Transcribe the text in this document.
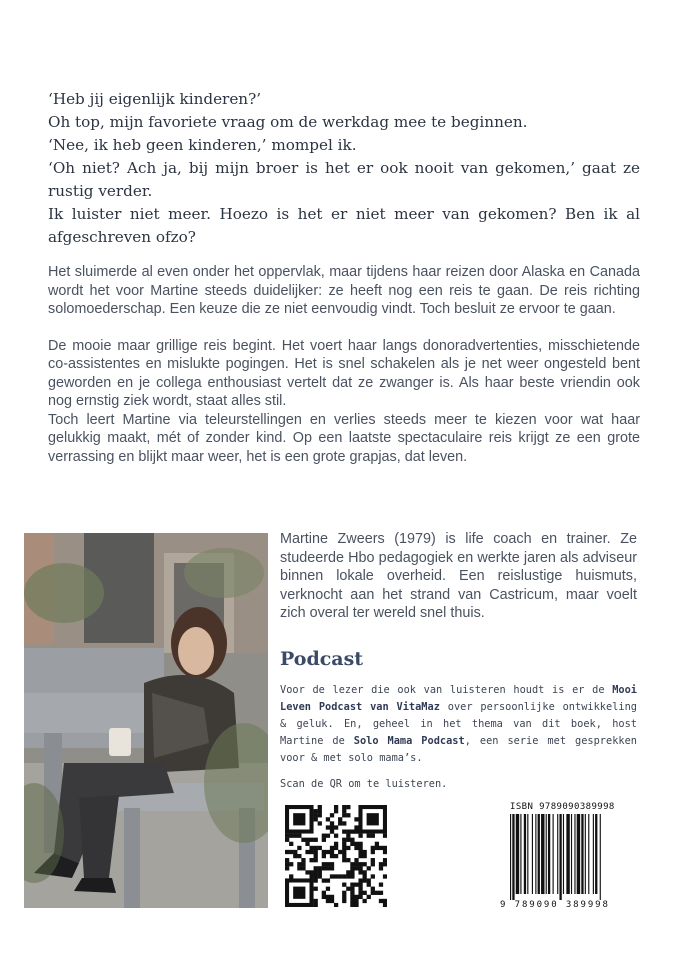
‘Heb jij eigenlijk kinderen?’

Oh top, mijn favoriete vraag om de werkdag mee te beginnen.

‘Nee, ik heb geen kinderen,’ mompel ik.

‘Oh niet? Ach ja, bij mijn broer is het er ook nooit van gekomen,’ gaat ze rustig verder.

Ik luister niet meer. Hoezo is het er niet meer van gekomen? Ben ik al afgeschreven ofzo?

Het sluimerde al even onder het oppervlak, maar tijdens haar reizen door Alaska en Canada wordt het voor Martine steeds duidelijker: ze heeft nog een reis te gaan. De reis richting solomoederschap. Een keuze die ze niet eenvoudig vindt. Toch besluit ze ervoor te gaan.

De mooie maar grillige reis begint. Het voert haar langs donoradvertenties, misschietende co-assistentes en mislukte pogingen. Het is snel schakelen als je net weer ongesteld bent geworden en je collega enthousiast vertelt dat ze zwanger is. Als haar beste vriendin ook nog ernstig ziek wordt, staat alles stil.

Toch leert Martine via teleurstellingen en verlies steeds meer te kiezen voor wat haar gelukkig maakt, mét of zonder kind. Op een laatste spectaculaire reis krijgt ze een grote verrassing en blijkt maar weer, het is een grote grapjas, dat leven.

Martine Zweers (1979) is life coach en trainer. Ze studeerde Hbo pedagogiek en werkte jaren als adviseur binnen lokale overheid. Een reislustige huismuts, verknocht aan het strand van Castricum, maar voelt zich overal ter wereld snel thuis.

Podcast

Voor de lezer die ook van luisteren houdt is er de Mooi Leven Podcast van VitaMaz over persoonlijke ontwikkeling & geluk. En, geheel in het thema van dit boek, host Martine de Solo Mama Podcast, een serie met gesprekken voor & met solo mama’s.

Scan de QR om te luisteren.

ISBN 9789090389998
9 789090 389998
